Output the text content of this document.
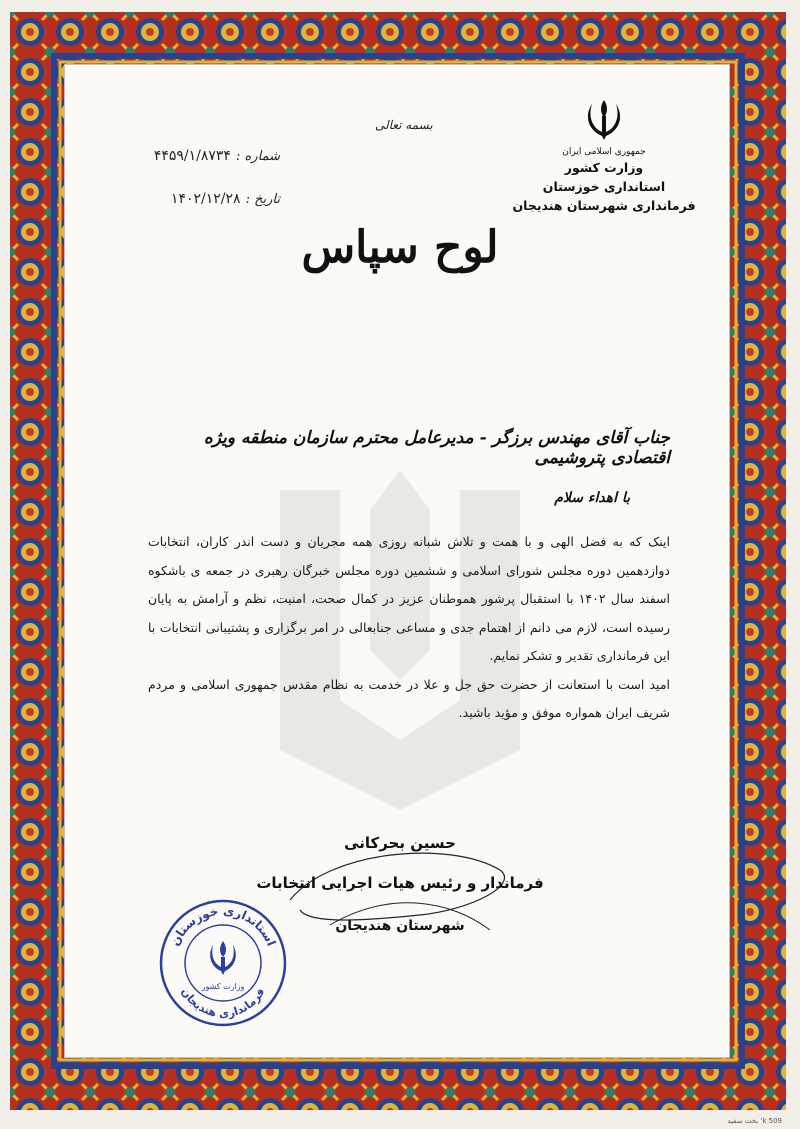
جمهوری اسلامی ایران
وزارت کشور
استانداری خوزستان
فرمانداری شهرستان هندیجان
بسمه تعالی
شماره : ۴۴۵۹/۱/۸۷۳۴
تاریخ : ۱۴۰۲/۱۲/۲۸
لوح سپاس
جناب آقای مهندس برزگر - مدیرعامل محترم سازمان منطقه ویژه اقتصادی پتروشیمی
با اهداء سلام

اینک که به فضل الهی و با همت و تلاش شبانه روزی همه مجریان و دست اندر کاران، انتخابات دوازدهمین دوره مجلس شورای اسلامی و ششمین دوره مجلس خبرگان رهبری در جمعه ی باشکوه اسفند سال ۱۴۰۲ با استقبال پرشور هموطنان عزیز در کمال صحت، امنیت، نظم و آرامش به پایان رسیده است، لازم می دانم از اهتمام جدی و مساعی جنابعالی در امر برگزاری و پشتیبانی انتخابات با این فرمانداری تقدیر و تشکر نمایم.

امید است با استعانت از حضرت حق جل و علا در خدمت به نظام مقدس جمهوری اسلامی و مردم شریف ایران همواره موفق و مؤید باشید.

حسین بحرکانی
فرماندار و رئیس هیات اجرایی انتخابات
شهرستان هندیجان
استانداری خوزستان
فرمانداری هندیجان
وزارت کشور
509 k' بخت سفید
